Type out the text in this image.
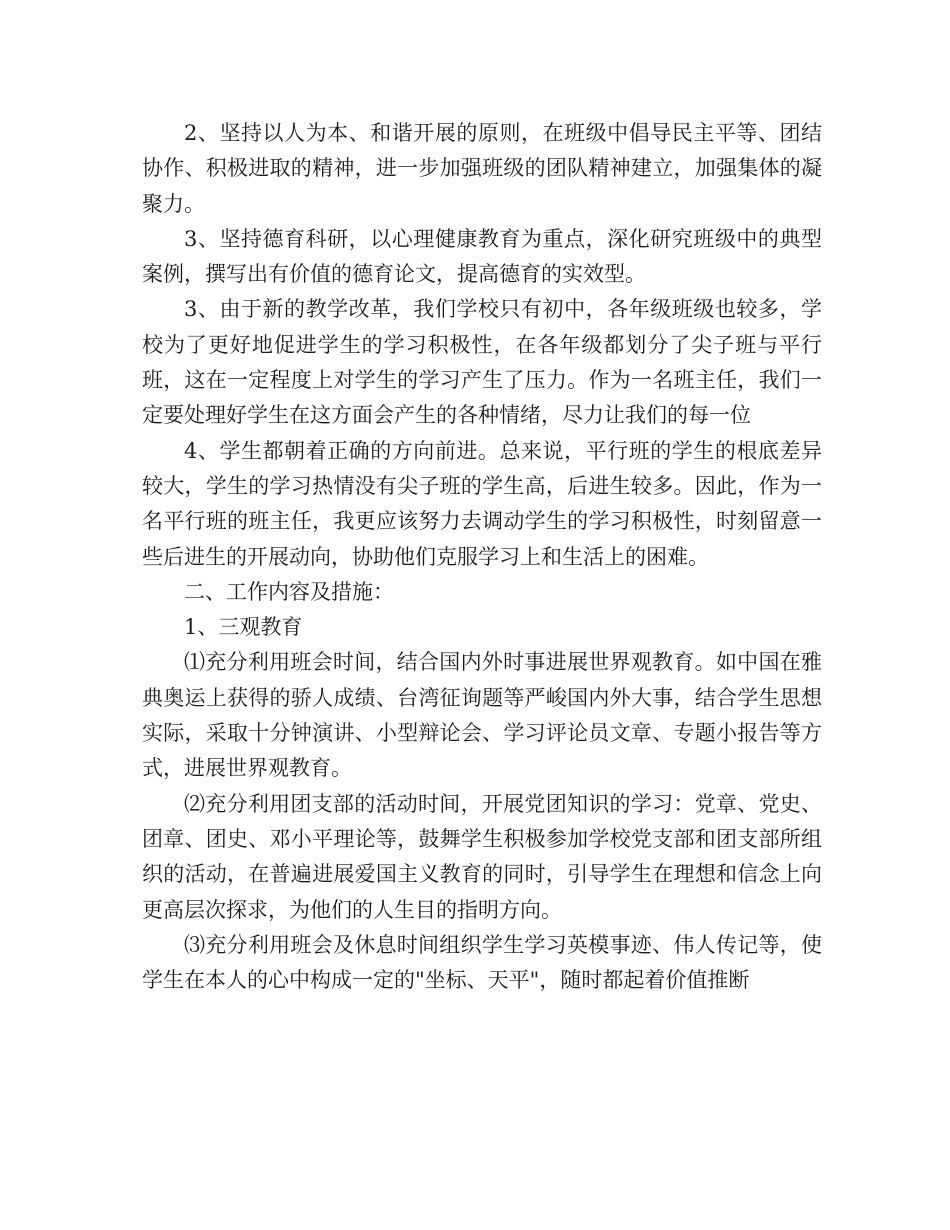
2、坚持以人为本、和谐开展的原则，在班级中倡导民主平等、团结协作、积极进取的精神，进一步加强班级的团队精神建立，加强集体的凝聚力。

3、坚持德育科研，以心理健康教育为重点，深化研究班级中的典型案例，撰写出有价值的德育论文，提高德育的实效型。

3、由于新的教学改革，我们学校只有初中，各年级班级也较多，学校为了更好地促进学生的学习积极性，在各年级都划分了尖子班与平行班，这在一定程度上对学生的学习产生了压力。作为一名班主任，我们一定要处理好学生在这方面会产生的各种情绪，尽力让我们的每一位

4、学生都朝着正确的方向前进。总来说，平行班的学生的根底差异较大，学生的学习热情没有尖子班的学生高，后进生较多。因此，作为一名平行班的班主任，我更应该努力去调动学生的学习积极性，时刻留意一些后进生的开展动向，协助他们克服学习上和生活上的困难。

二、工作内容及措施：

1、三观教育

⑴充分利用班会时间，结合国内外时事进展世界观教育。如中国在雅典奥运上获得的骄人成绩、台湾征询题等严峻国内外大事，结合学生思想实际，采取十分钟演讲、小型辩论会、学习评论员文章、专题小报告等方式，进展世界观教育。

⑵充分利用团支部的活动时间，开展党团知识的学习：党章、党史、团章、团史、邓小平理论等，鼓舞学生积极参加学校党支部和团支部所组织的活动，在普遍进展爱国主义教育的同时，引导学生在理想和信念上向更高层次探求，为他们的人生目的指明方向。

⑶充分利用班会及休息时间组织学生学习英模事迹、伟人传记等，使学生在本人的心中构成一定的"坐标、天平"，随时都起着价值推断
